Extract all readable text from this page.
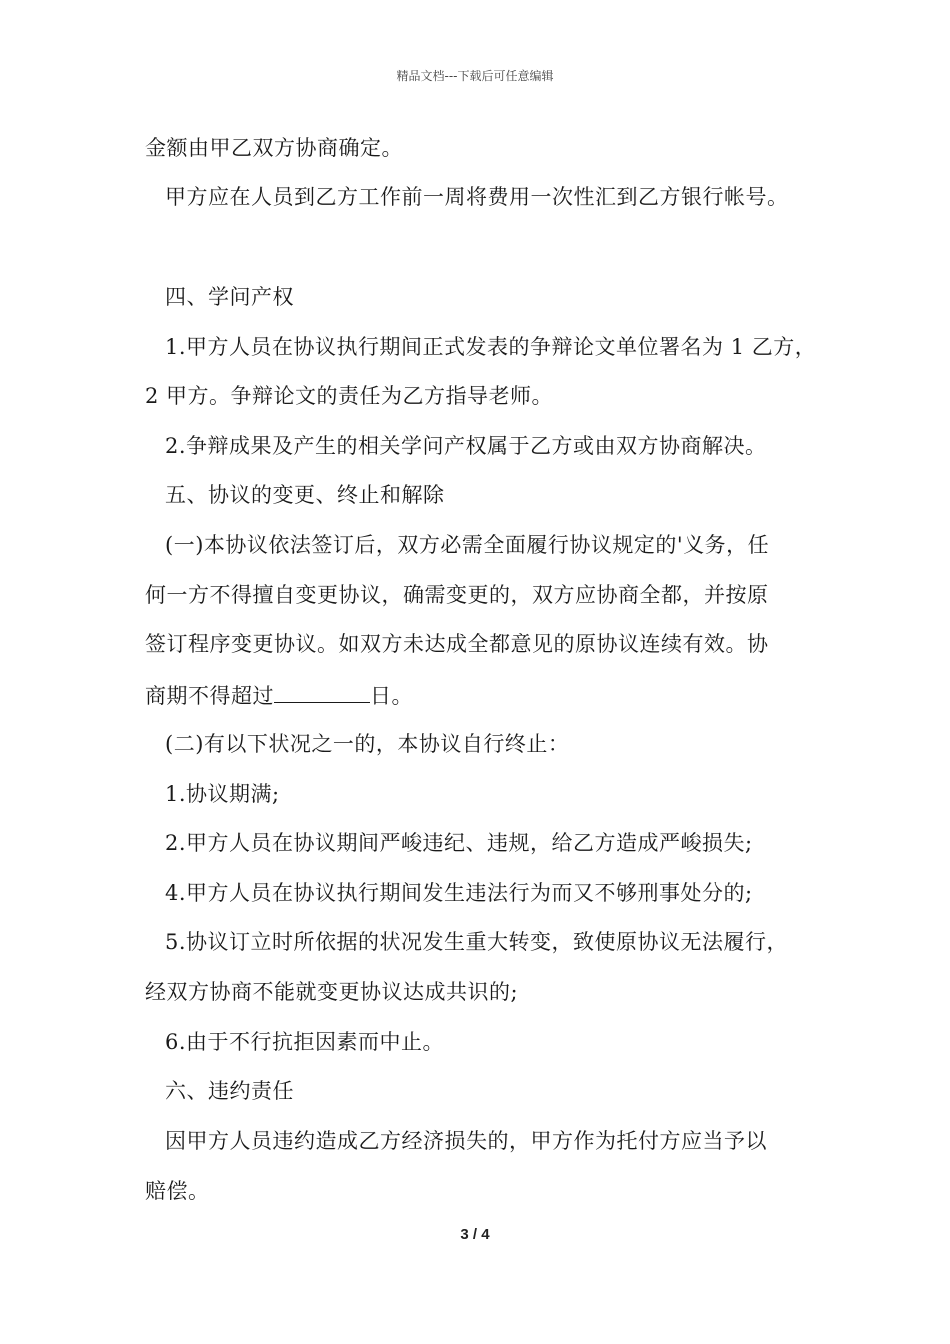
精品文档---下载后可任意编辑
金额由甲乙双方协商确定。
甲方应在人员到乙方工作前一周将费用一次性汇到乙方银行帐号。
四、学问产权
1.甲方人员在协议执行期间正式发表的争辩论文单位署名为 1 乙方，
2 甲方。争辩论文的责任为乙方指导老师。
2.争辩成果及产生的相关学问产权属于乙方或由双方协商解决。
五、协议的变更、终止和解除
(一)本协议依法签订后，双方必需全面履行协议规定的'义务，任
何一方不得擅自变更协议，确需变更的，双方应协商全都，并按原
签订程序变更协议。如双方未达成全都意见的原协议连续有效。协
商期不得超过	日。
(二)有以下状况之一的，本协议自行终止：
1.协议期满;
2.甲方人员在协议期间严峻违纪、违规，给乙方造成严峻损失;
4.甲方人员在协议执行期间发生违法行为而又不够刑事处分的;
5.协议订立时所依据的状况发生重大转变，致使原协议无法履行，
经双方协商不能就变更协议达成共识的;
6.由于不行抗拒因素而中止。
六、违约责任
因甲方人员违约造成乙方经济损失的，甲方作为托付方应当予以
赔偿。
3 / 4
